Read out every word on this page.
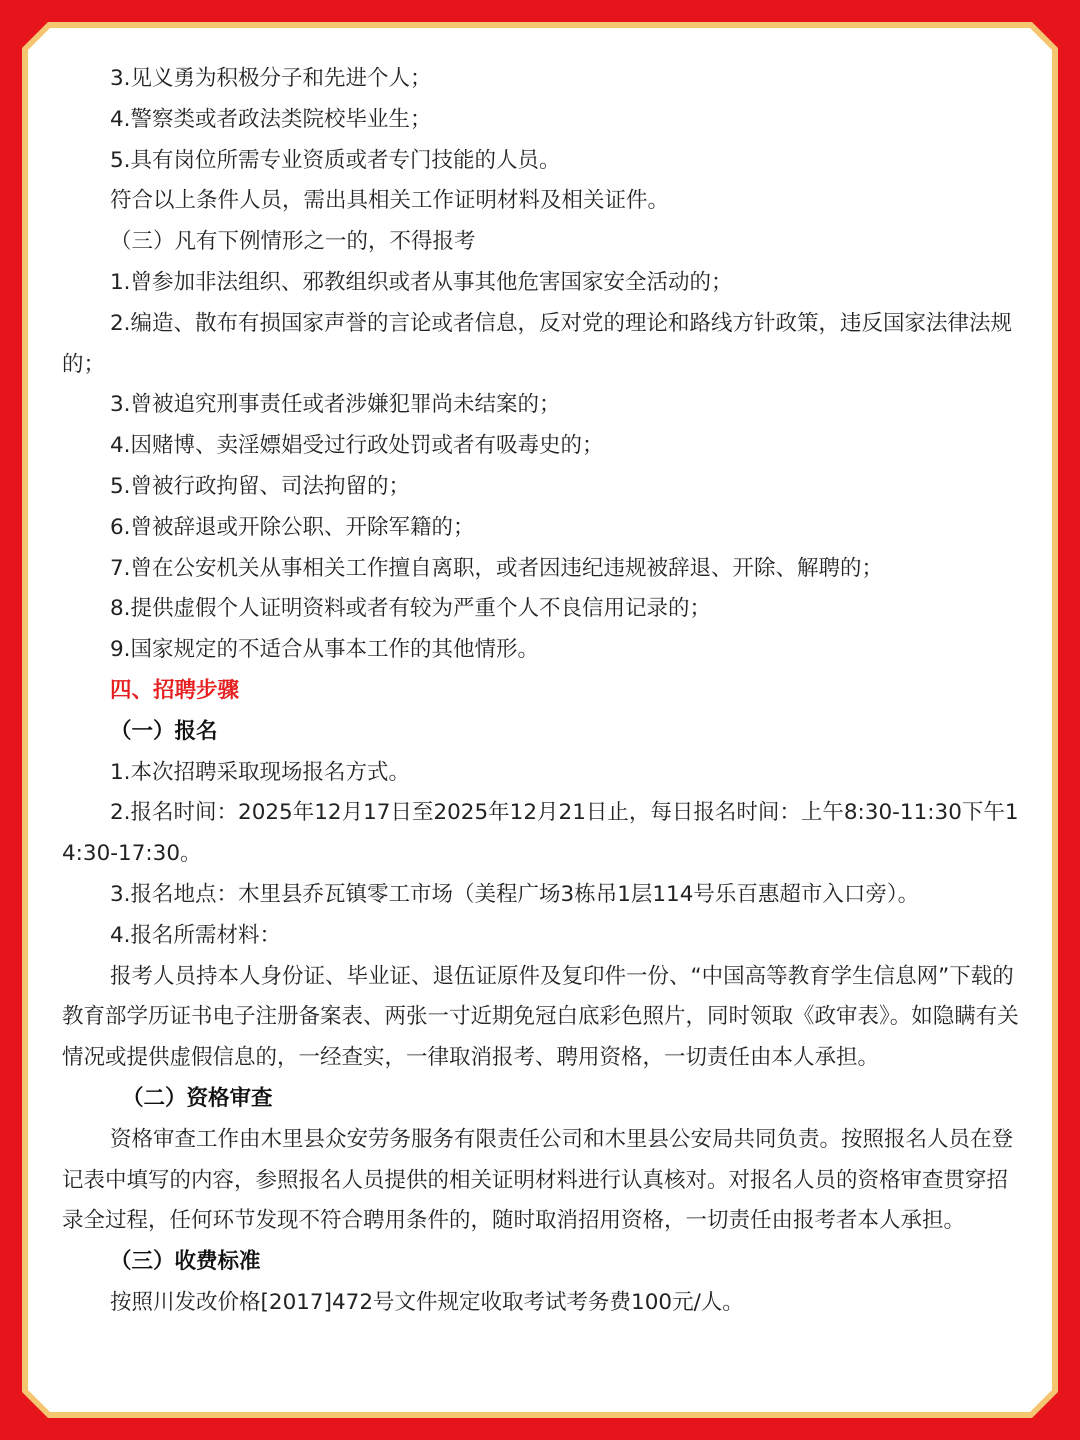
3.见义勇为积极分子和先进个人；

4.警察类或者政法类院校毕业生；

5.具有岗位所需专业资质或者专门技能的人员。

符合以上条件人员，需出具相关工作证明材料及相关证件。

（三）凡有下例情形之一的，不得报考

1.曾参加非法组织、邪教组织或者从事其他危害国家安全活动的；

2.编造、散布有损国家声誉的言论或者信息，反对党的理论和路线方针政策，违反国家法律法规的；

3.曾被追究刑事责任或者涉嫌犯罪尚未结案的；

4.因赌博、卖淫嫖娼受过行政处罚或者有吸毒史的；

5.曾被行政拘留、司法拘留的；

6.曾被辞退或开除公职、开除军籍的；

7.曾在公安机关从事相关工作擅自离职，或者因违纪违规被辞退、开除、解聘的；

8.提供虚假个人证明资料或者有较为严重个人不良信用记录的；

9.国家规定的不适合从事本工作的其他情形。

四、招聘步骤

（一）报名

1.本次招聘采取现场报名方式。

2.报名时间：2025年12月17日至2025年12月21日止，每日报名时间：上午8:30-11:30下午14:30-17:30。

3.报名地点：木里县乔瓦镇零工市场（美程广场3栋吊1层114号乐百惠超市入口旁）。

4.报名所需材料：

报考人员持本人身份证、毕业证、退伍证原件及复印件一份、“中国高等教育学生信息网”下载的教育部学历证书电子注册备案表、两张一寸近期免冠白底彩色照片，同时领取《政审表》。如隐瞒有关情况或提供虚假信息的，一经查实，一律取消报考、聘用资格，一切责任由本人承担。

（二）资格审查

资格审查工作由木里县众安劳务服务有限责任公司和木里县公安局共同负责。按照报名人员在登记表中填写的内容，参照报名人员提供的相关证明材料进行认真核对。对报名人员的资格审查贯穿招录全过程，任何环节发现不符合聘用条件的，随时取消招用资格，一切责任由报考者本人承担。

（三）收费标准

按照川发改价格[2017]472号文件规定收取考试考务费100元/人。
